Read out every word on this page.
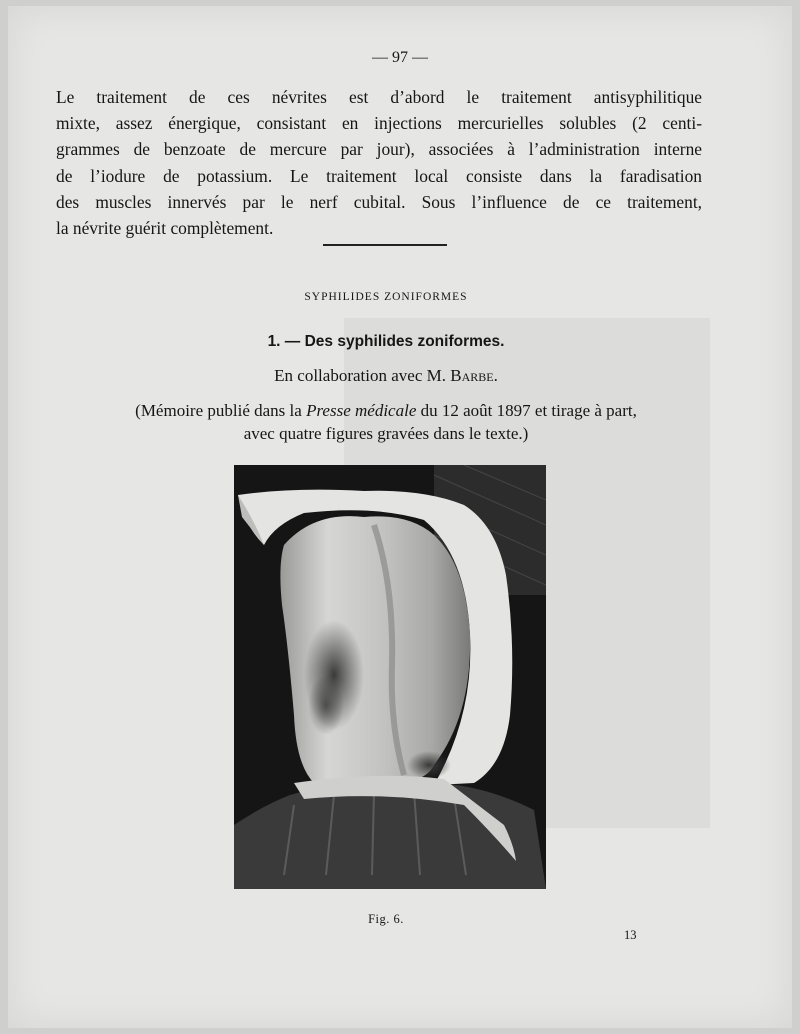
— 97 —
Le traitement de ces névrites est d’abord le traitement antisyphilitique
mixte, assez énergique, consistant en injections mercurielles solubles (2 centi-
grammes de benzoate de mercure par jour), associées à l’administration interne
de l’iodure de potassium. Le traitement local consiste dans la faradisation
des muscles innervés par le nerf cubital. Sous l’influence de ce traitement,
la névrite guérit complètement.
SYPHILIDES ZONIFORMES
1. — Des syphilides zoniformes.
En collaboration avec M. Barbe.
(Mémoire publié dans la Presse médicale du 12 août 1897 et tirage à part,
avec quatre figures gravées dans le texte.)
Fig. 6.
13
